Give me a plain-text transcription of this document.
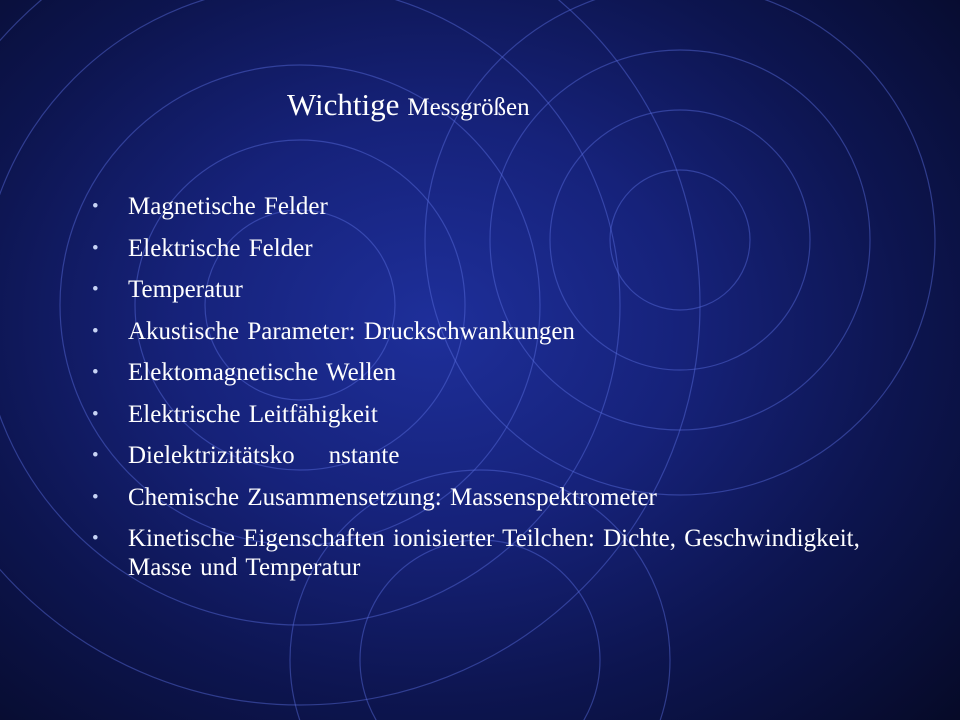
Wichtige Messgrößen
• Magnetische Felder
• Elektrische Felder
• Temperatur
• Akustische Parameter: Druckschwankungen
• Elektomagnetische Wellen
• Elektrische Leitfähigkeit
• Dielektrizitätsko nstante
• Chemische Zusammensetzung: Massenspektrometer
• Kinetische Eigenschaften ionisierter Teilchen: Dichte, Geschwindigkeit, Masse und Temperatur
